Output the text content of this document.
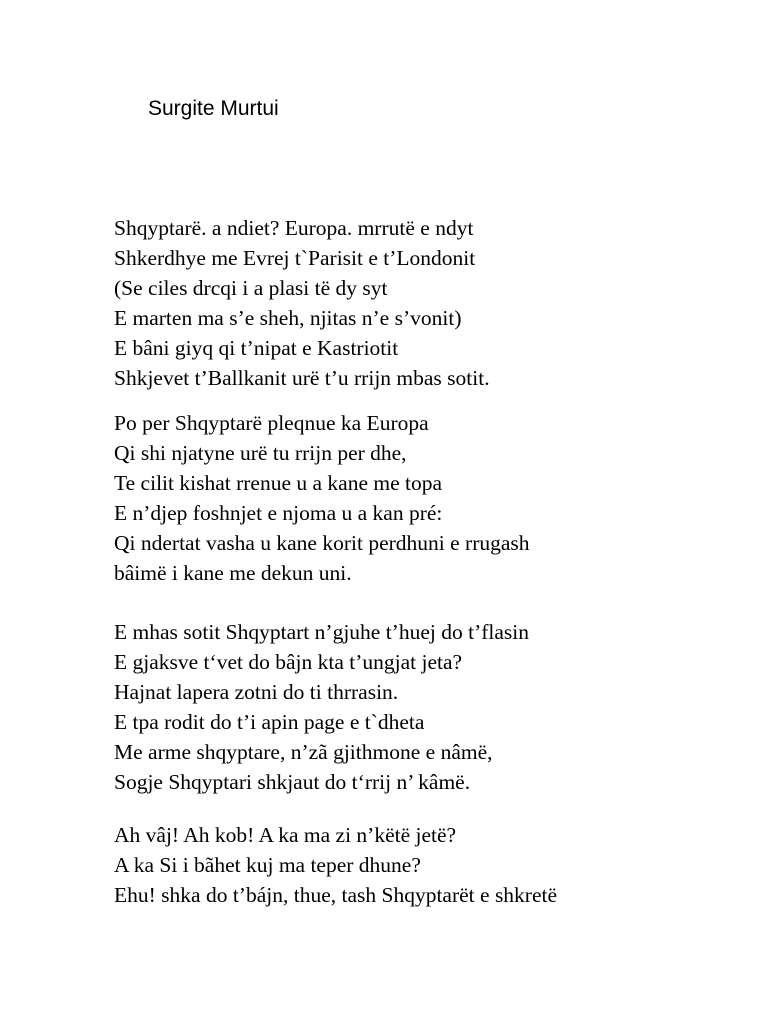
Surgite Murtui
Shqyptarë. a ndiet? Europa. mrrutë e ndyt
Shkerdhye me Evrej t`Parisit e t’Londonit
(Se ciles drcqi i a plasi të dy syt
E marten ma s’e sheh, njitas n’e s’vonit)
E bâni giyq qi t’nipat e Kastriotit
Shkjevet t’Ballkanit urë t’u rrijn mbas sotit.
Po per Shqyptarë pleqnue ka Europa
Qi shi njatyne urë tu rrijn per dhe,
Te cilit kishat rrenue u a kane me topa
E n’djep foshnjet e njoma u a kan pré:
Qi ndertat vasha u kane korit perdhuni e rrugash
bâimë i kane me dekun uni.
E mhas sotit Shqyptart n’gjuhe t’huej do t’flasin
E gjaksve t‘vet do bâjn kta t’ungjat jeta?
Hajnat lapera zotni do ti thrrasin.
E tpa rodit do t’i apin page e t`dheta
Me arme shqyptare, n’zã gjithmone e nâmë,
Sogje Shqyptari shkjaut do t‘rrij n’ kâmë.
Ah vâj! Ah kob! A ka ma zi n’këtë jetë?
A ka Si i bãhet kuj ma teper dhune?
Ehu! shka do t’bájn, thue, tash Shqyptarët e shkretë
